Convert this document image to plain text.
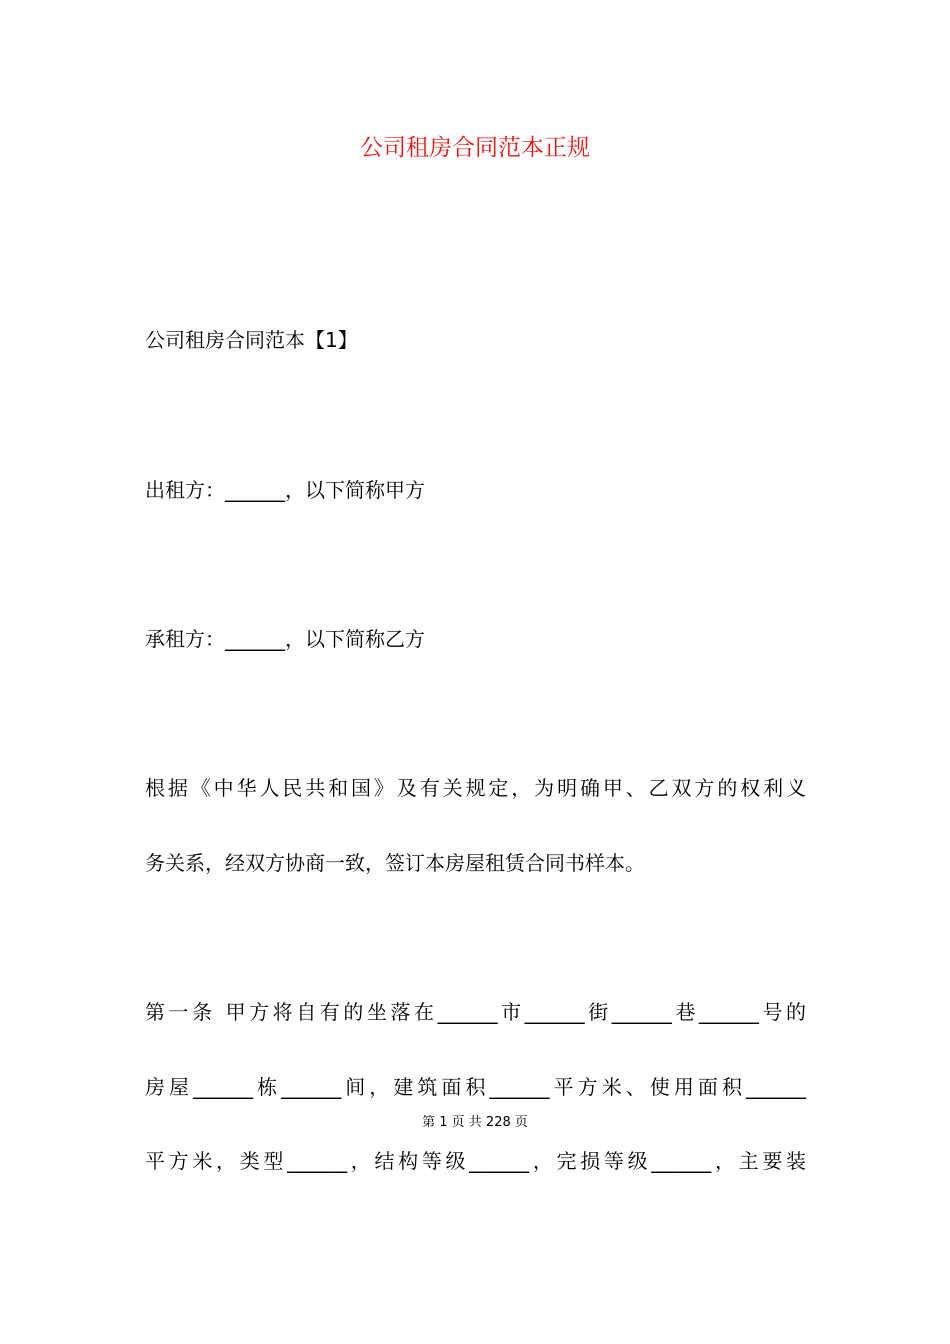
公司租房合同范本正规
公司租房合同范本【1】
出租方：______，以下简称甲方
承租方：______，以下简称乙方
根据《中华人民共和国》及有关规定，为明确甲、乙双方的权利义
务关系，经双方协商一致，签订本房屋租赁合同书样本。
第一条 甲方将自有的坐落在______市______街______巷______号的
房屋______栋______间，建筑面积______平方米、使用面积______
第 1 页 共 228 页
平方米，类型______，结构等级______，完损等级______，主要装
